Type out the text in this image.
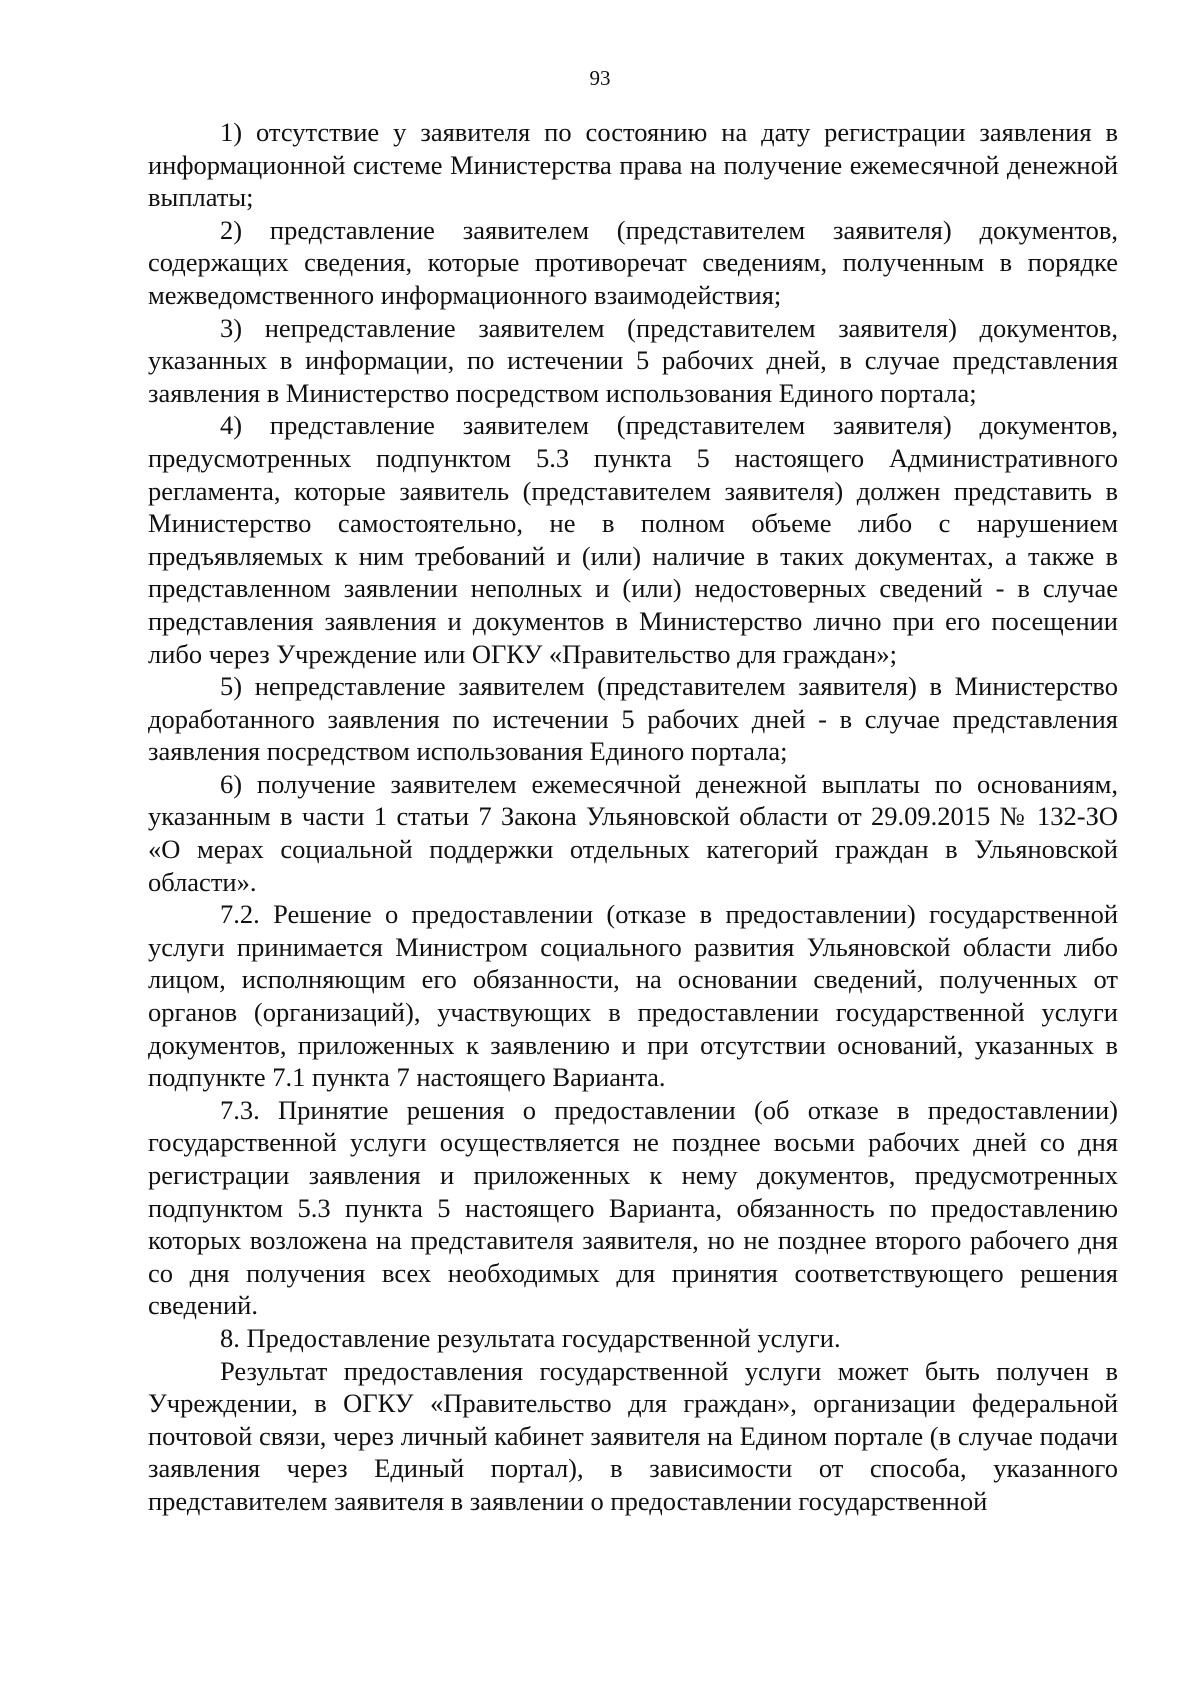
93

1) отсутствие у заявителя по состоянию на дату регистрации заявления в информационной системе Министерства права на получение ежемесячной денежной выплаты;

2) представление заявителем (представителем заявителя) документов, содержащих сведения, которые противоречат сведениям, полученным в порядке межведомственного информационного взаимодействия;

3) непредставление заявителем (представителем заявителя) документов, указанных в информации, по истечении 5 рабочих дней, в случае представления заявления в Министерство посредством использования Единого портала;

4) представление заявителем (представителем заявителя) документов, предусмотренных подпунктом 5.3 пункта 5 настоящего Административного регламента, которые заявитель (представителем заявителя) должен представить в Министерство самостоятельно, не в полном объеме либо с нарушением предъявляемых к ним требований и (или) наличие в таких документах, а также в представленном заявлении неполных и (или) недостоверных сведений - в случае представления заявления и документов в Министерство лично при его посещении либо через Учреждение или ОГКУ «Правительство для граждан»;

5) непредставление заявителем (представителем заявителя) в Министерство доработанного заявления по истечении 5 рабочих дней - в случае представления заявления посредством использования Единого портала;

6) получение заявителем ежемесячной денежной выплаты по основаниям, указанным в части 1 статьи 7 Закона Ульяновской области от 29.09.2015 № 132-ЗО «О мерах социальной поддержки отдельных категорий граждан в Ульяновской области».

7.2. Решение о предоставлении (отказе в предоставлении) государственной услуги принимается Министром социального развития Ульяновской области либо лицом, исполняющим его обязанности, на основании сведений, полученных от органов (организаций), участвующих в предоставлении государственной услуги документов, приложенных к заявлению и при отсутствии оснований, указанных в подпункте 7.1 пункта 7 настоящего Варианта.

7.3. Принятие решения о предоставлении (об отказе в предоставлении) государственной услуги осуществляется не позднее восьми рабочих дней со дня регистрации заявления и приложенных к нему документов, предусмотренных подпунктом 5.3 пункта 5 настоящего Варианта, обязанность по предоставлению которых возложена на представителя заявителя, но не позднее второго рабочего дня со дня получения всех необходимых для принятия соответствующего решения сведений.

8. Предоставление результата государственной услуги.

Результат предоставления государственной услуги может быть получен в Учреждении, в ОГКУ «Правительство для граждан», организации федеральной почтовой связи, через личный кабинет заявителя на Едином портале (в случае подачи заявления через Единый портал), в зависимости от способа, указанного представителем заявителя в заявлении о предоставлении государственной
